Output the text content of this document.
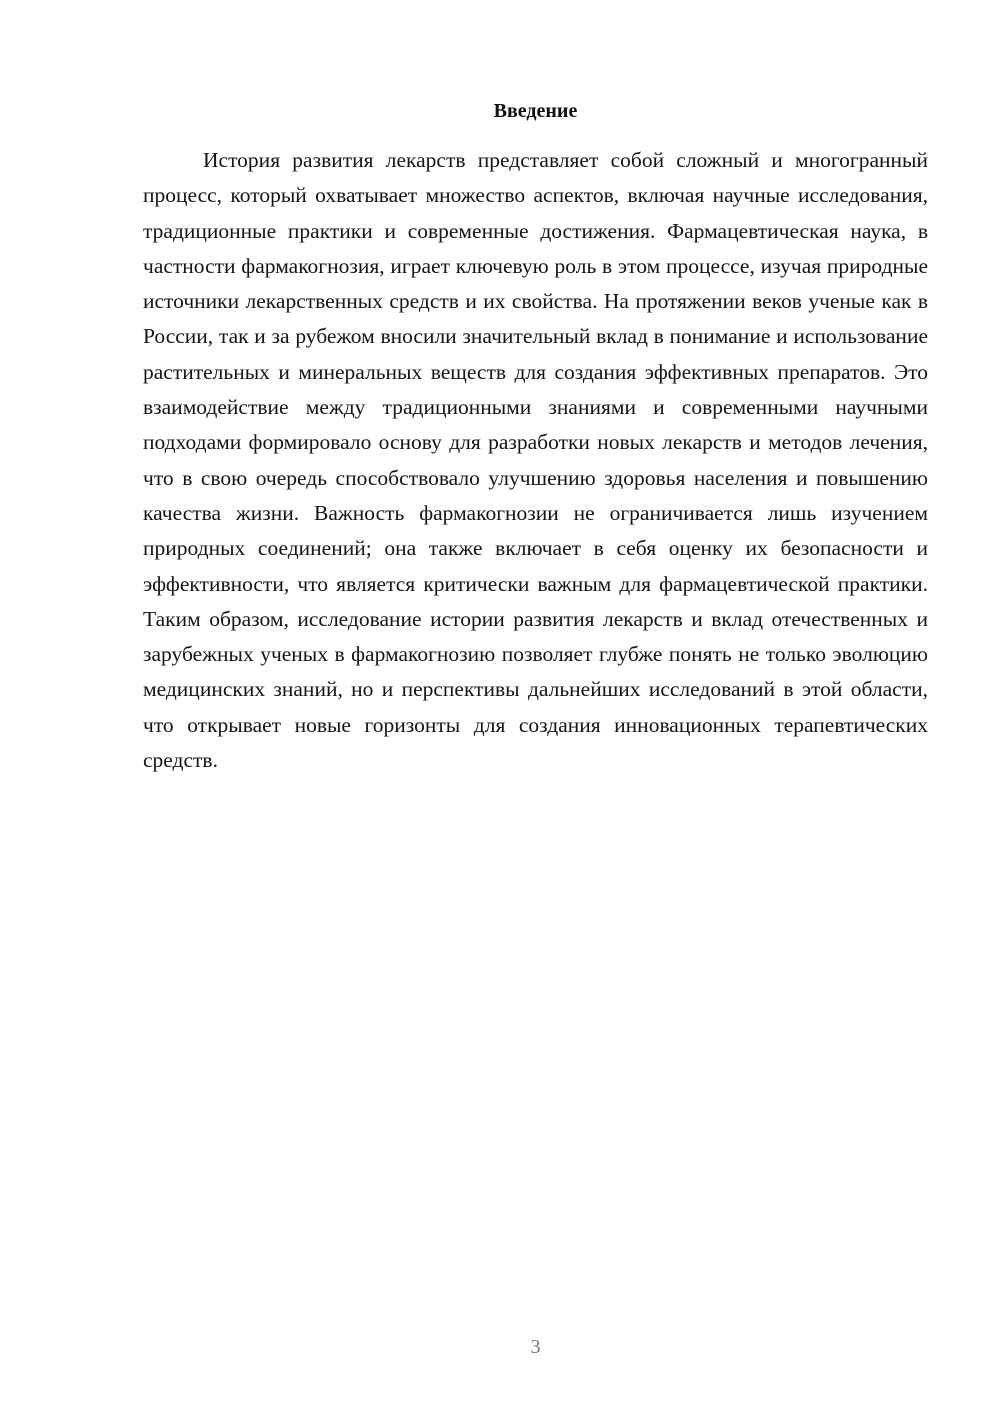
Введение

История развития лекарств представляет собой сложный и многогранный процесс, который охватывает множество аспектов, включая научные исследования, традиционные практики и современные достижения. Фармацевтическая наука, в частности фармакогнозия, играет ключевую роль в этом процессе, изучая природные источники лекарственных средств и их свойства. На протяжении веков ученые как в России, так и за рубежом вносили значительный вклад в понимание и использование растительных и минеральных веществ для создания эффективных препаратов. Это взаимодействие между традиционными знаниями и современными научными подходами формировало основу для разработки новых лекарств и методов лечения, что в свою очередь способствовало улучшению здоровья населения и повышению качества жизни. Важность фармакогнозии не ограничивается лишь изучением природных соединений; она также включает в себя оценку их безопасности и эффективности, что является критически важным для фармацевтической практики. Таким образом, исследование истории развития лекарств и вклад отечественных и зарубежных ученых в фармакогнозию позволяет глубже понять не только эволюцию медицинских знаний, но и перспективы дальнейших исследований в этой области, что открывает новые горизонты для создания инновационных терапевтических средств.

3
